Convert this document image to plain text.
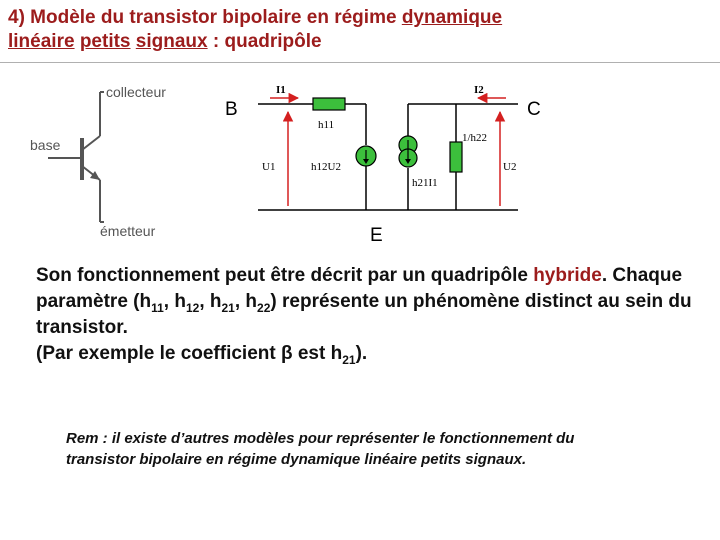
4) Modèle du transistor bipolaire en régime dynamique
linéaire petits signaux : quadripôle
collecteur
base
émetteur
B	C
E
h11
h12U2
h21I1
1/h22
I1	I2
U1	U2
Son fonctionnement peut être décrit par un quadripôle hybride. Chaque paramètre ($h_{11}$, $h_{12}$, $h_{21}$, $h_{22}$) représente un phénomène distinct au sein du transistor.
(Par exemple le coefficient β est $h_{21}$).
Rem : il existe d’autres modèles pour représenter le fonctionnement du transistor bipolaire en régime dynamique linéaire petits signaux.
